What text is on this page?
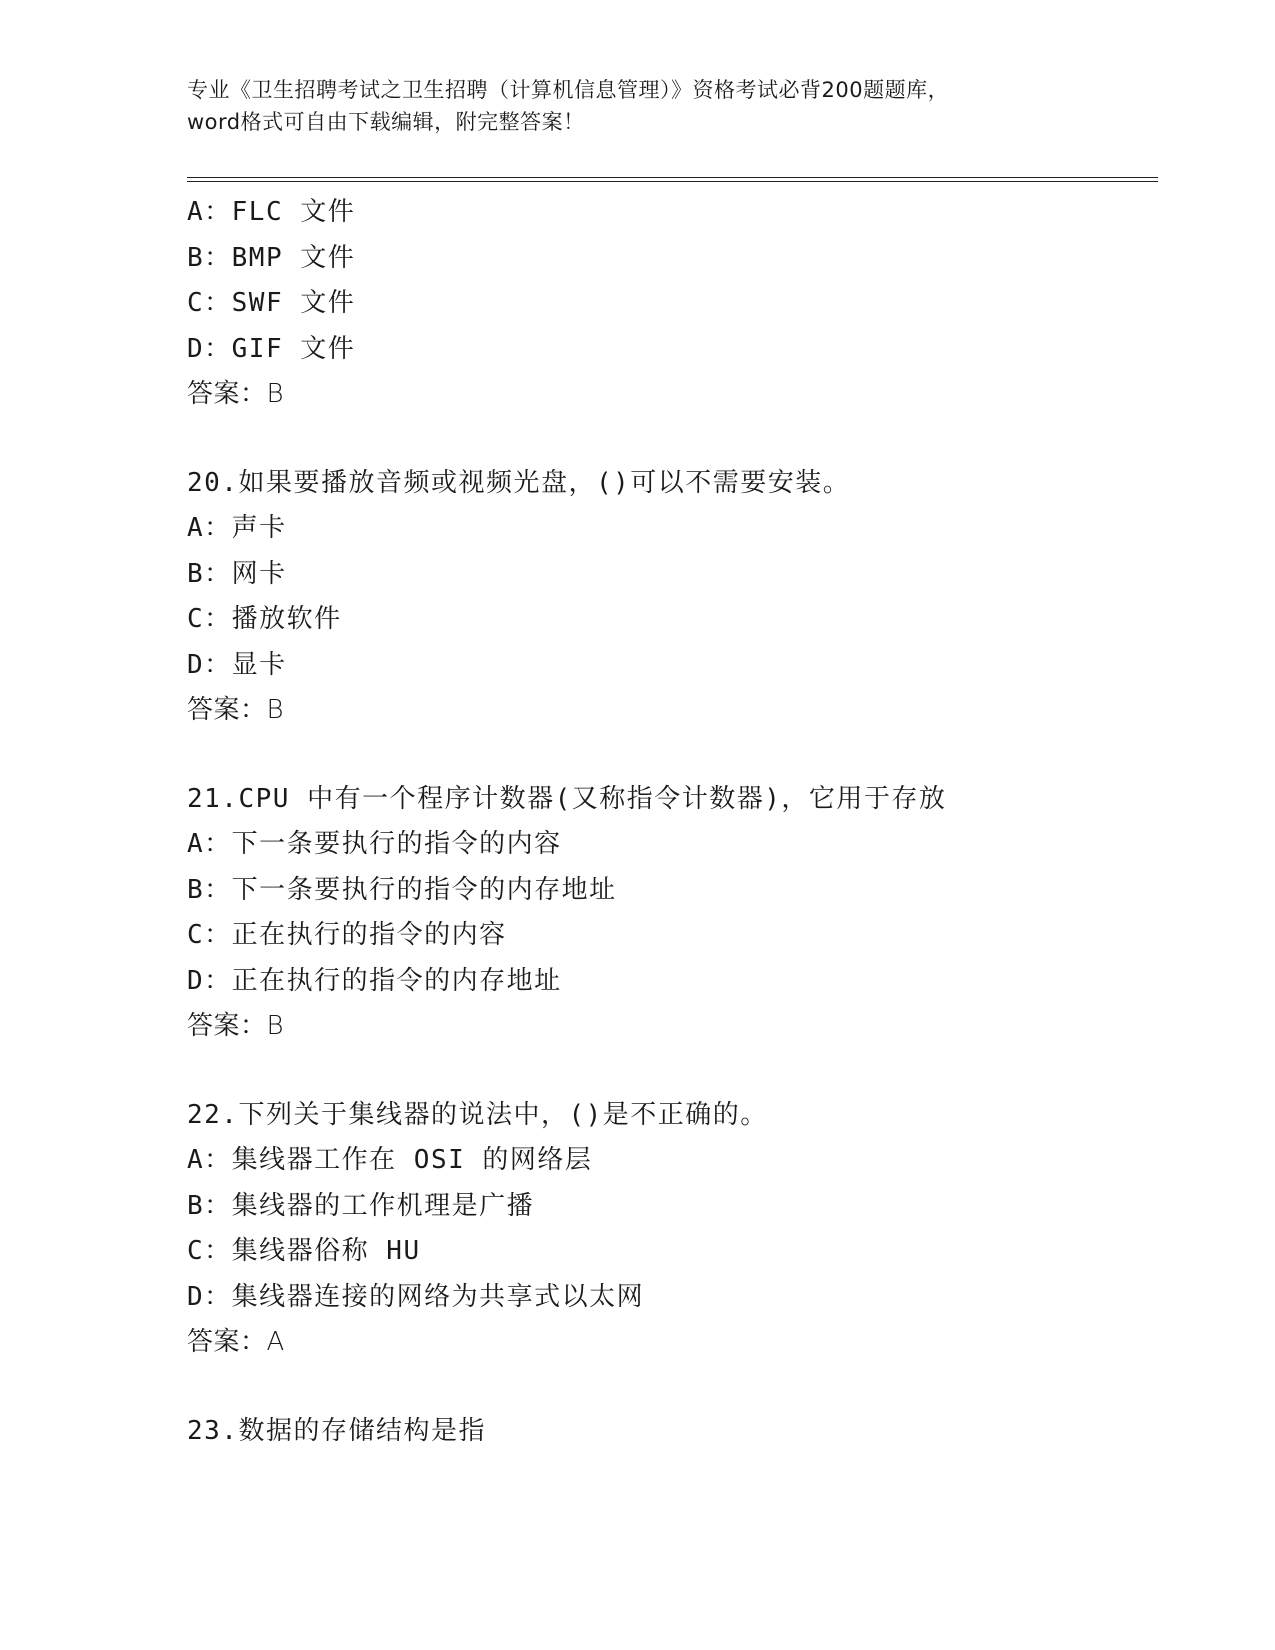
专业《卫生招聘考试之卫生招聘（计算机信息管理）》资格考试必背200题题库，
word格式可自由下载编辑，附完整答案！
A：FLC 文件
B：BMP 文件
C：SWF 文件
D：GIF 文件
答案：B
20.如果要播放音频或视频光盘，()可以不需要安装。
A：声卡
B：网卡
C：播放软件
D：显卡
答案：B
21.CPU 中有一个程序计数器(又称指令计数器)，它用于存放
A：下一条要执行的指令的内容
B：下一条要执行的指令的内存地址
C：正在执行的指令的内容
D：正在执行的指令的内存地址
答案：B
22.下列关于集线器的说法中，()是不正确的。
A：集线器工作在 OSI 的网络层
B：集线器的工作机理是广播
C：集线器俗称 HU
D：集线器连接的网络为共享式以太网
答案：A
23.数据的存储结构是指
